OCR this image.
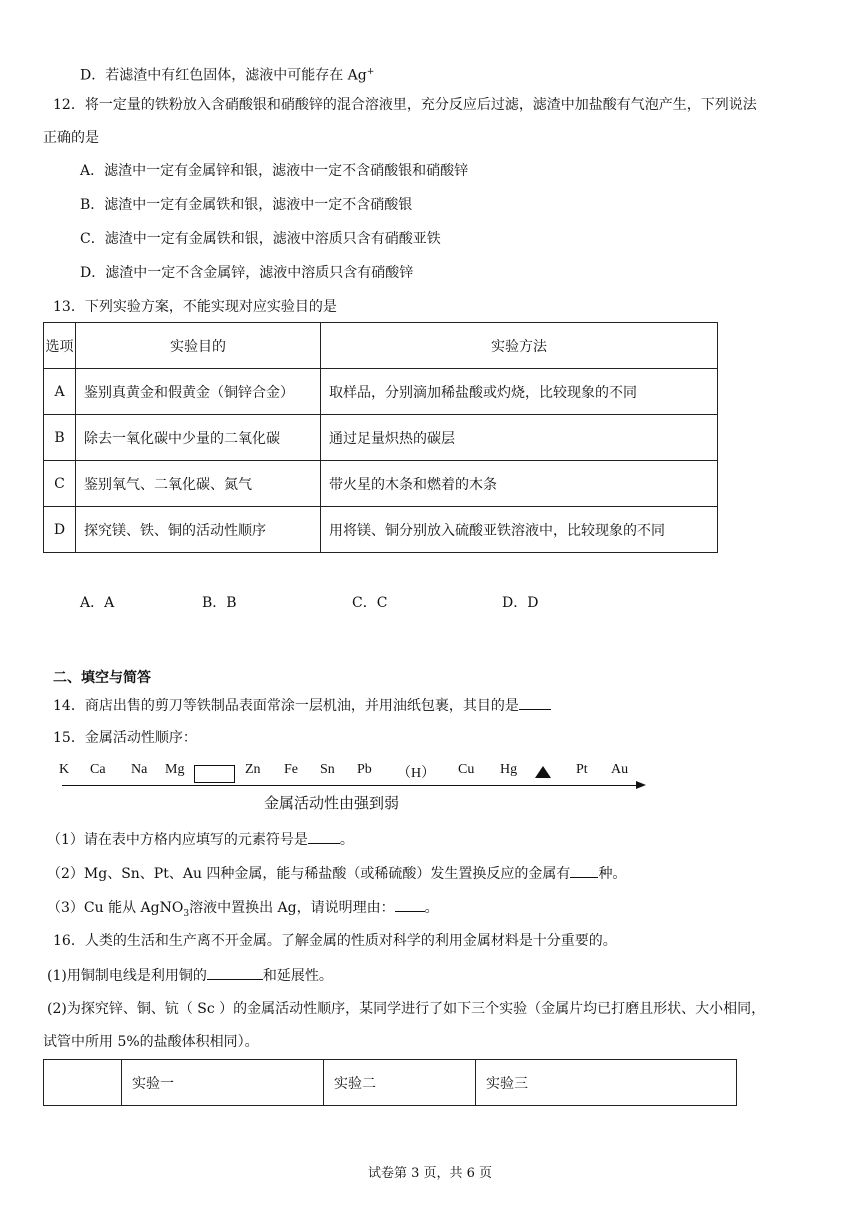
D．若滤渣中有红色固体，滤液中可能存在 Ag+
12．将一定量的铁粉放入含硝酸银和硝酸锌的混合溶液里，充分反应后过滤，滤渣中加盐酸有气泡产生，下列说法
正确的是
A．滤渣中一定有金属锌和银，滤液中一定不含硝酸银和硝酸锌
B．滤渣中一定有金属铁和银，滤液中一定不含硝酸银
C．滤渣中一定有金属铁和银，滤液中溶质只含有硝酸亚铁
D．滤渣中一定不含金属锌，滤液中溶质只含有硝酸锌
13．下列实验方案，不能实现对应实验目的是
选项	实验目的	实验方法
A	鉴别真黄金和假黄金（铜锌合金）	取样品，分别滴加稀盐酸或灼烧，比较现象的不同
B	除去一氧化碳中少量的二氧化碳	通过足量炽热的碳层
C	鉴别氧气、二氧化碳、氮气	带火星的木条和燃着的木条
D	探究镁、铁、铜的活动性顺序	用将镁、铜分别放入硫酸亚铁溶液中，比较现象的不同
A．A	B．B	C．C	D．D
二、填空与简答
14．商店出售的剪刀等铁制品表面常涂一层机油，并用油纸包裹，其目的是
15．金属活动性顺序：
K Ca Na Mg	Zn Fe Sn Pb （H） Cu Hg	Pt Au
金属活动性由强到弱
（1）请在表中方格内应填写的元素符号是 。
（2）Mg、Sn、Pt、Au 四种金属，能与稀盐酸（或稀硫酸）发生置换反应的金属有 种。
（3）Cu 能从 AgNO$_3$溶液中置换出 Ag，请说明理由： 。
16．人类的生活和生产离不开金属。了解金属的性质对科学的利用金属材料是十分重要的。
(1)用铜制电线是利用铜的	和延展性。
(2)为探究锌、铜、钪（ Sc ）的金属活动性顺序，某同学进行了如下三个实验（金属片均已打磨且形状、大小相同，
试管中所用 5%的盐酸体积相同）。
	实验一	实验二	实验三
试卷第 3 页，共 6 页
